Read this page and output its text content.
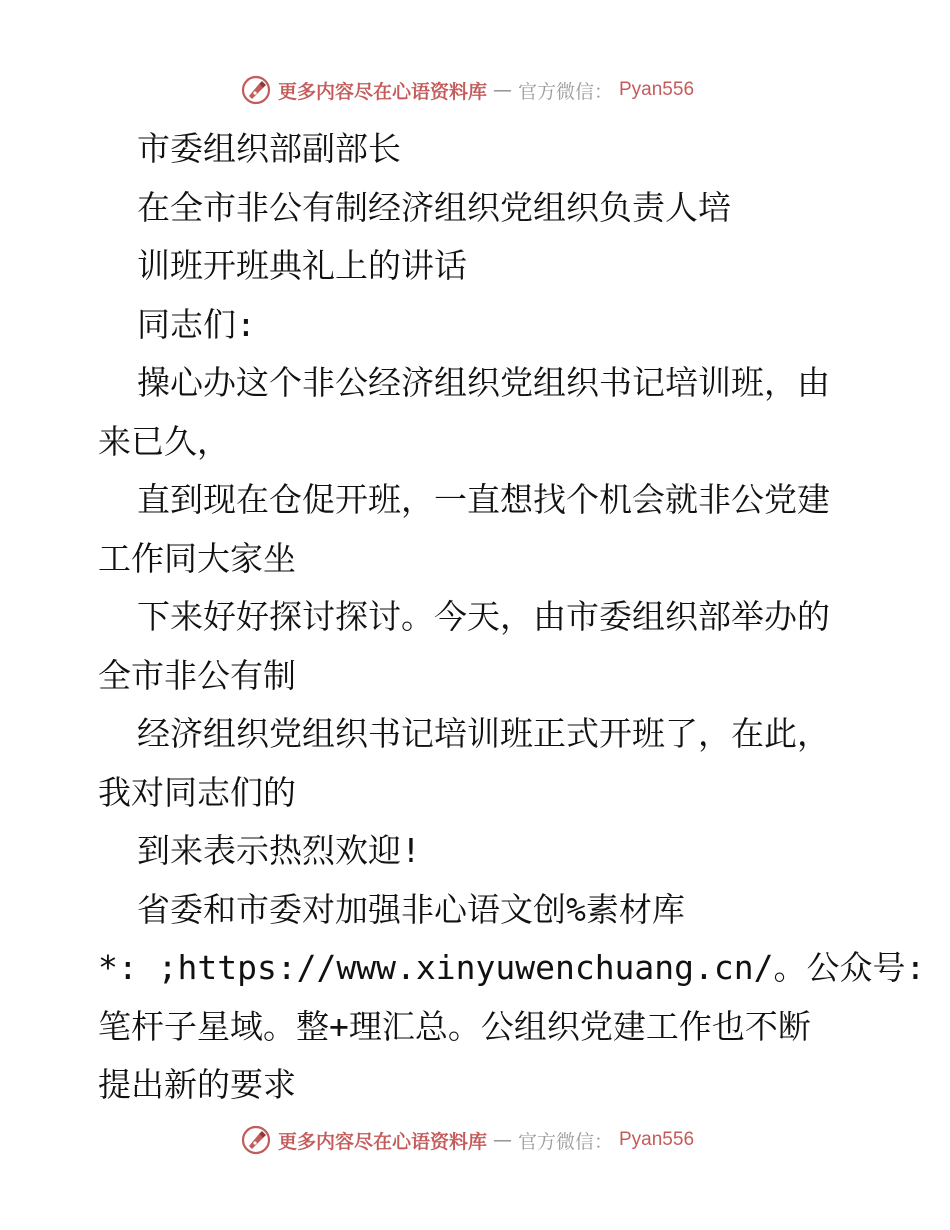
更多内容尽在心语资料库 — 官方微信： Pyan556
市委组织部副部长
在全市非公有制经济组织党组织负责人培
训班开班典礼上的讲话
同志们:
操心办这个非公经济组织党组织书记培训班，由
来已久，
直到现在仓促开班，一直想找个机会就非公党建
工作同大家坐
下来好好探讨探讨。今天，由市委组织部举办的
全市非公有制
经济组织党组织书记培训班正式开班了，在此，
我对同志们的
到来表示热烈欢迎!
省委和市委对加强非心语文创%素材库
*: ;https://www.xinyuwenchuang.cn/。公众号:
笔杆子星域。整+理汇总。公组织党建工作也不断
提出新的要求
更多内容尽在心语资料库 — 官方微信： Pyan556
